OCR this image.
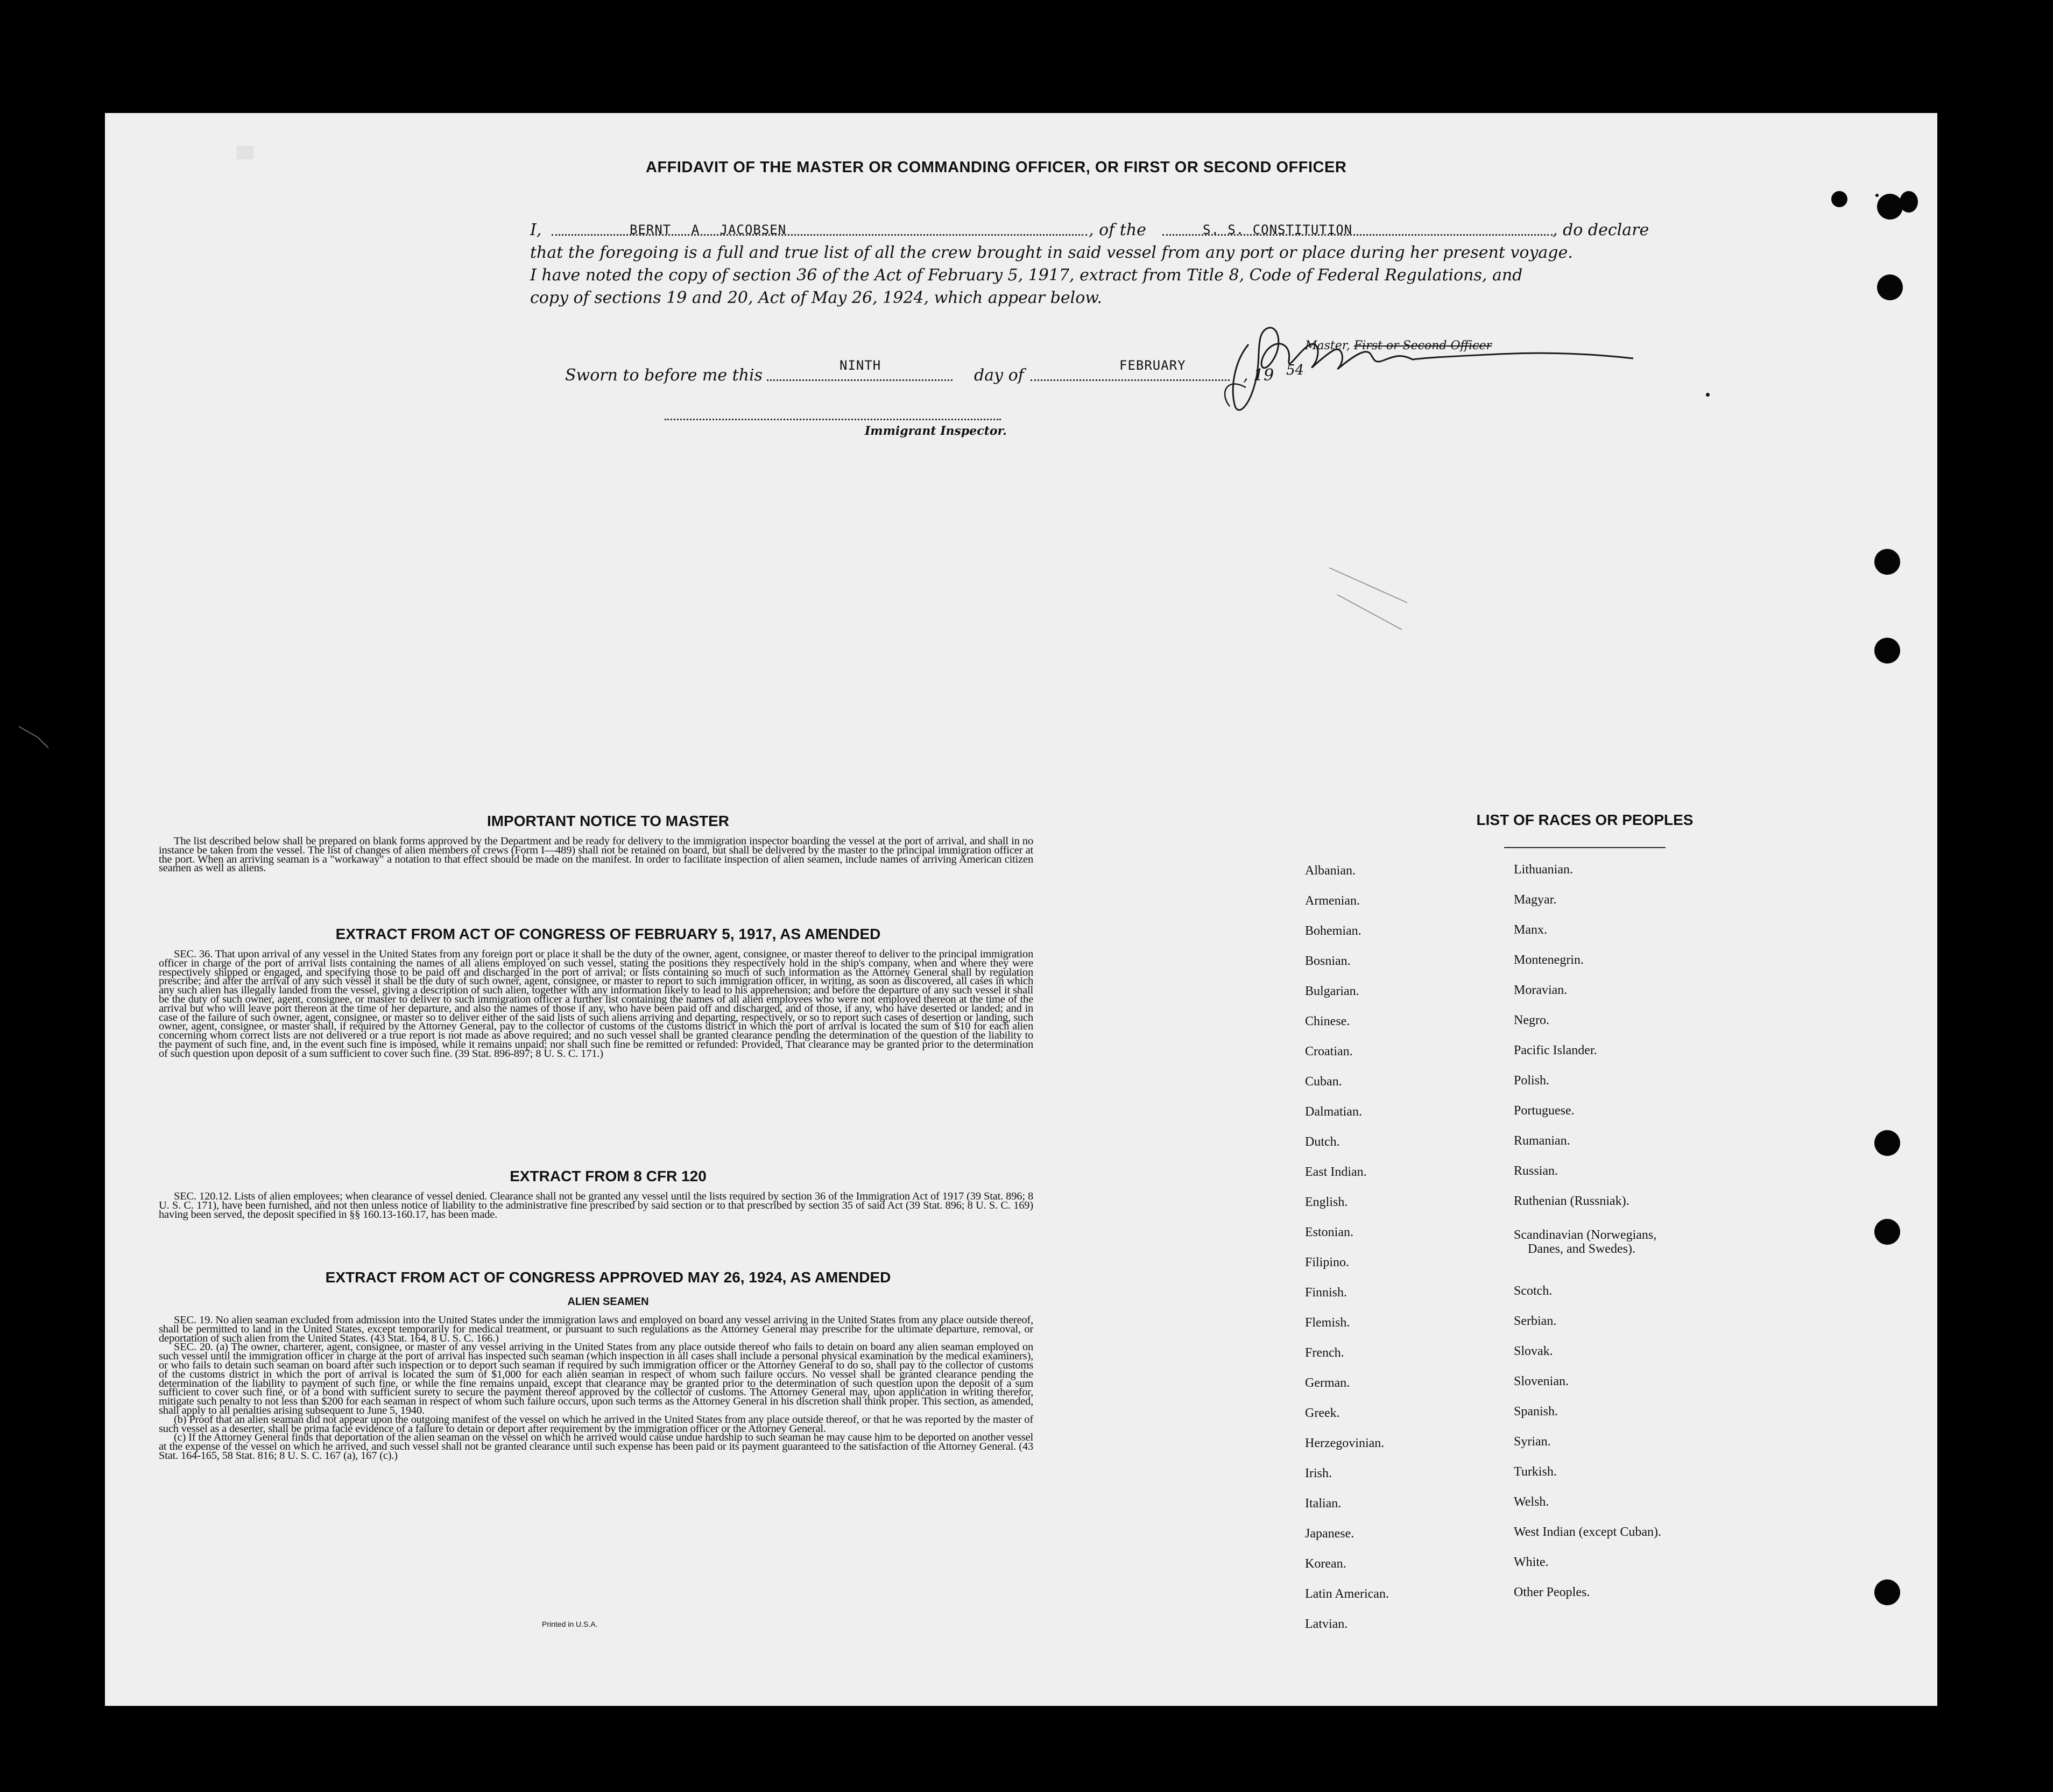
▒▒
AFFIDAVIT OF THE MASTER OR COMMANDING OFFICER, OR FIRST OR SECOND OFFICER
I,	BERNT A JACOBSEN	, of the	S. S. CONSTITUTION	, do declare
that the foregoing is a full and true list of all the crew brought in said vessel from any port or place during her present voyage.
I have noted the copy of section 36 of the Act of February 5, 1917, extract from Title 8, Code of Federal Regulations, and
copy of sections 19 and 20, Act of May 26, 1924, which appear below.
Master, First or Second Officer
Sworn to before me this
NINTH
day of
FEBRUARY
, 19 54
Immigrant Inspector.
IMPORTANT NOTICE TO MASTER

The list described below shall be prepared on blank forms approved by the Department and be ready for delivery to the immigration inspector boarding the vessel at the port of arrival, and shall in no instance be taken from the vessel. The list of changes of alien members of crews (Form I—489) shall not be retained on board, but shall be delivered by the master to the principal immigration officer at the port. When an arriving seaman is a "workaway" a notation to that effect should be made on the manifest. In order to facilitate inspection of alien seamen, include names of arriving American citizen seamen as well as aliens.

EXTRACT FROM ACT OF CONGRESS OF FEBRUARY 5, 1917, AS AMENDED

SEC. 36. That upon arrival of any vessel in the United States from any foreign port or place it shall be the duty of the owner, agent, consignee, or master thereof to deliver to the principal immigration officer in charge of the port of arrival lists containing the names of all aliens employed on such vessel, stating the positions they respectively hold in the ship's company, when and where they were respectively shipped or engaged, and specifying those to be paid off and discharged in the port of arrival; or lists containing so much of such information as the Attorney General shall by regulation prescribe; and after the arrival of any such vessel it shall be the duty of such owner, agent, consignee, or master to report to such immigration officer, in writing, as soon as discovered, all cases in which any such alien has illegally landed from the vessel, giving a description of such alien, together with any information likely to lead to his apprehension; and before the departure of any such vessel it shall be the duty of such owner, agent, consignee, or master to deliver to such immigration officer a further list containing the names of all alien employees who were not employed thereon at the time of the arrival but who will leave port thereon at the time of her departure, and also the names of those if any, who have been paid off and discharged, and of those, if any, who have deserted or landed; and in case of the failure of such owner, agent, consignee, or master so to deliver either of the said lists of such aliens arriving and departing, respectively, or so to report such cases of desertion or landing, such owner, agent, consignee, or master shall, if required by the Attorney General, pay to the collector of customs of the customs district in which the port of arrival is located the sum of $10 for each alien concerning whom correct lists are not delivered or a true report is not made as above required; and no such vessel shall be granted clearance pending the determination of the question of the liability to the payment of such fine, and, in the event such fine is imposed, while it remains unpaid; nor shall such fine be remitted or refunded: Provided, That clearance may be granted prior to the determination of such question upon deposit of a sum sufficient to cover such fine. (39 Stat. 896-897; 8 U. S. C. 171.)

EXTRACT FROM 8 CFR 120

SEC. 120.12. Lists of alien employees; when clearance of vessel denied. Clearance shall not be granted any vessel until the lists required by section 36 of the Immigration Act of 1917 (39 Stat. 896; 8 U. S. C. 171), have been furnished, and not then unless notice of liability to the administrative fine prescribed by said section or to that prescribed by section 35 of said Act (39 Stat. 896; 8 U. S. C. 169) having been served, the deposit specified in §§ 160.13-160.17, has been made.

EXTRACT FROM ACT OF CONGRESS APPROVED MAY 26, 1924, AS AMENDED
ALIEN SEAMEN

SEC. 19. No alien seaman excluded from admission into the United States under the immigration laws and employed on board any vessel arriving in the United States from any place outside thereof, shall be permitted to land in the United States, except temporarily for medical treatment, or pursuant to such regulations as the Attorney General may prescribe for the ultimate departure, removal, or deportation of such alien from the United States. (43 Stat. 164, 8 U. S. C. 166.)

SEC. 20. (a) The owner, charterer, agent, consignee, or master of any vessel arriving in the United States from any place outside thereof who fails to detain on board any alien seaman employed on such vessel until the immigration officer in charge at the port of arrival has inspected such seaman (which inspection in all cases shall include a personal physical examination by the medical examiners), or who fails to detain such seaman on board after such inspection or to deport such seaman if required by such immigration officer or the Attorney General to do so, shall pay to the collector of customs of the customs district in which the port of arrival is located the sum of $1,000 for each alien seaman in respect of whom such failure occurs. No vessel shall be granted clearance pending the determination of the liability to payment of such fine, or while the fine remains unpaid, except that clearance may be granted prior to the determination of such question upon the deposit of a sum sufficient to cover such fine, or of a bond with sufficient surety to secure the payment thereof approved by the collector of customs. The Attorney General may, upon application in writing therefor, mitigate such penalty to not less than $200 for each seaman in respect of whom such failure occurs, upon such terms as the Attorney General in his discretion shall think proper. This section, as amended, shall apply to all penalties arising subsequent to June 5, 1940.

(b) Proof that an alien seaman did not appear upon the outgoing manifest of the vessel on which he arrived in the United States from any place outside thereof, or that he was reported by the master of such vessel as a deserter, shall be prima facie evidence of a failure to detain or deport after requirement by the immigration officer or the Attorney General.

(c) If the Attorney General finds that deportation of the alien seaman on the vessel on which he arrived would cause undue hardship to such seaman he may cause him to be deported on another vessel at the expense of the vessel on which he arrived, and such vessel shall not be granted clearance until such expense has been paid or its payment guaranteed to the satisfaction of the Attorney General. (43 Stat. 164-165, 58 Stat. 816; 8 U. S. C. 167 (a), 167 (c).)

Printed in U.S.A.
LIST OF RACES OR PEOPLES
Albanian.
Armenian.
Bohemian.
Bosnian.
Bulgarian.
Chinese.
Croatian.
Cuban.
Dalmatian.
Dutch.
East Indian.
English.
Estonian.
Filipino.
Finnish.
Flemish.
French.
German.
Greek.
Herzegovinian.
Irish.
Italian.
Japanese.
Korean.
Latin American.
Latvian.
Lithuanian.
Magyar.
Manx.
Montenegrin.
Moravian.
Negro.
Pacific Islander.
Polish.
Portuguese.
Rumanian.
Russian.
Ruthenian (Russniak).
Scandinavian (Norwegians,
Danes, and Swedes).
Scotch.
Serbian.
Slovak.
Slovenian.
Spanish.
Syrian.
Turkish.
Welsh.
West Indian (except Cuban).
White.
Other Peoples.
